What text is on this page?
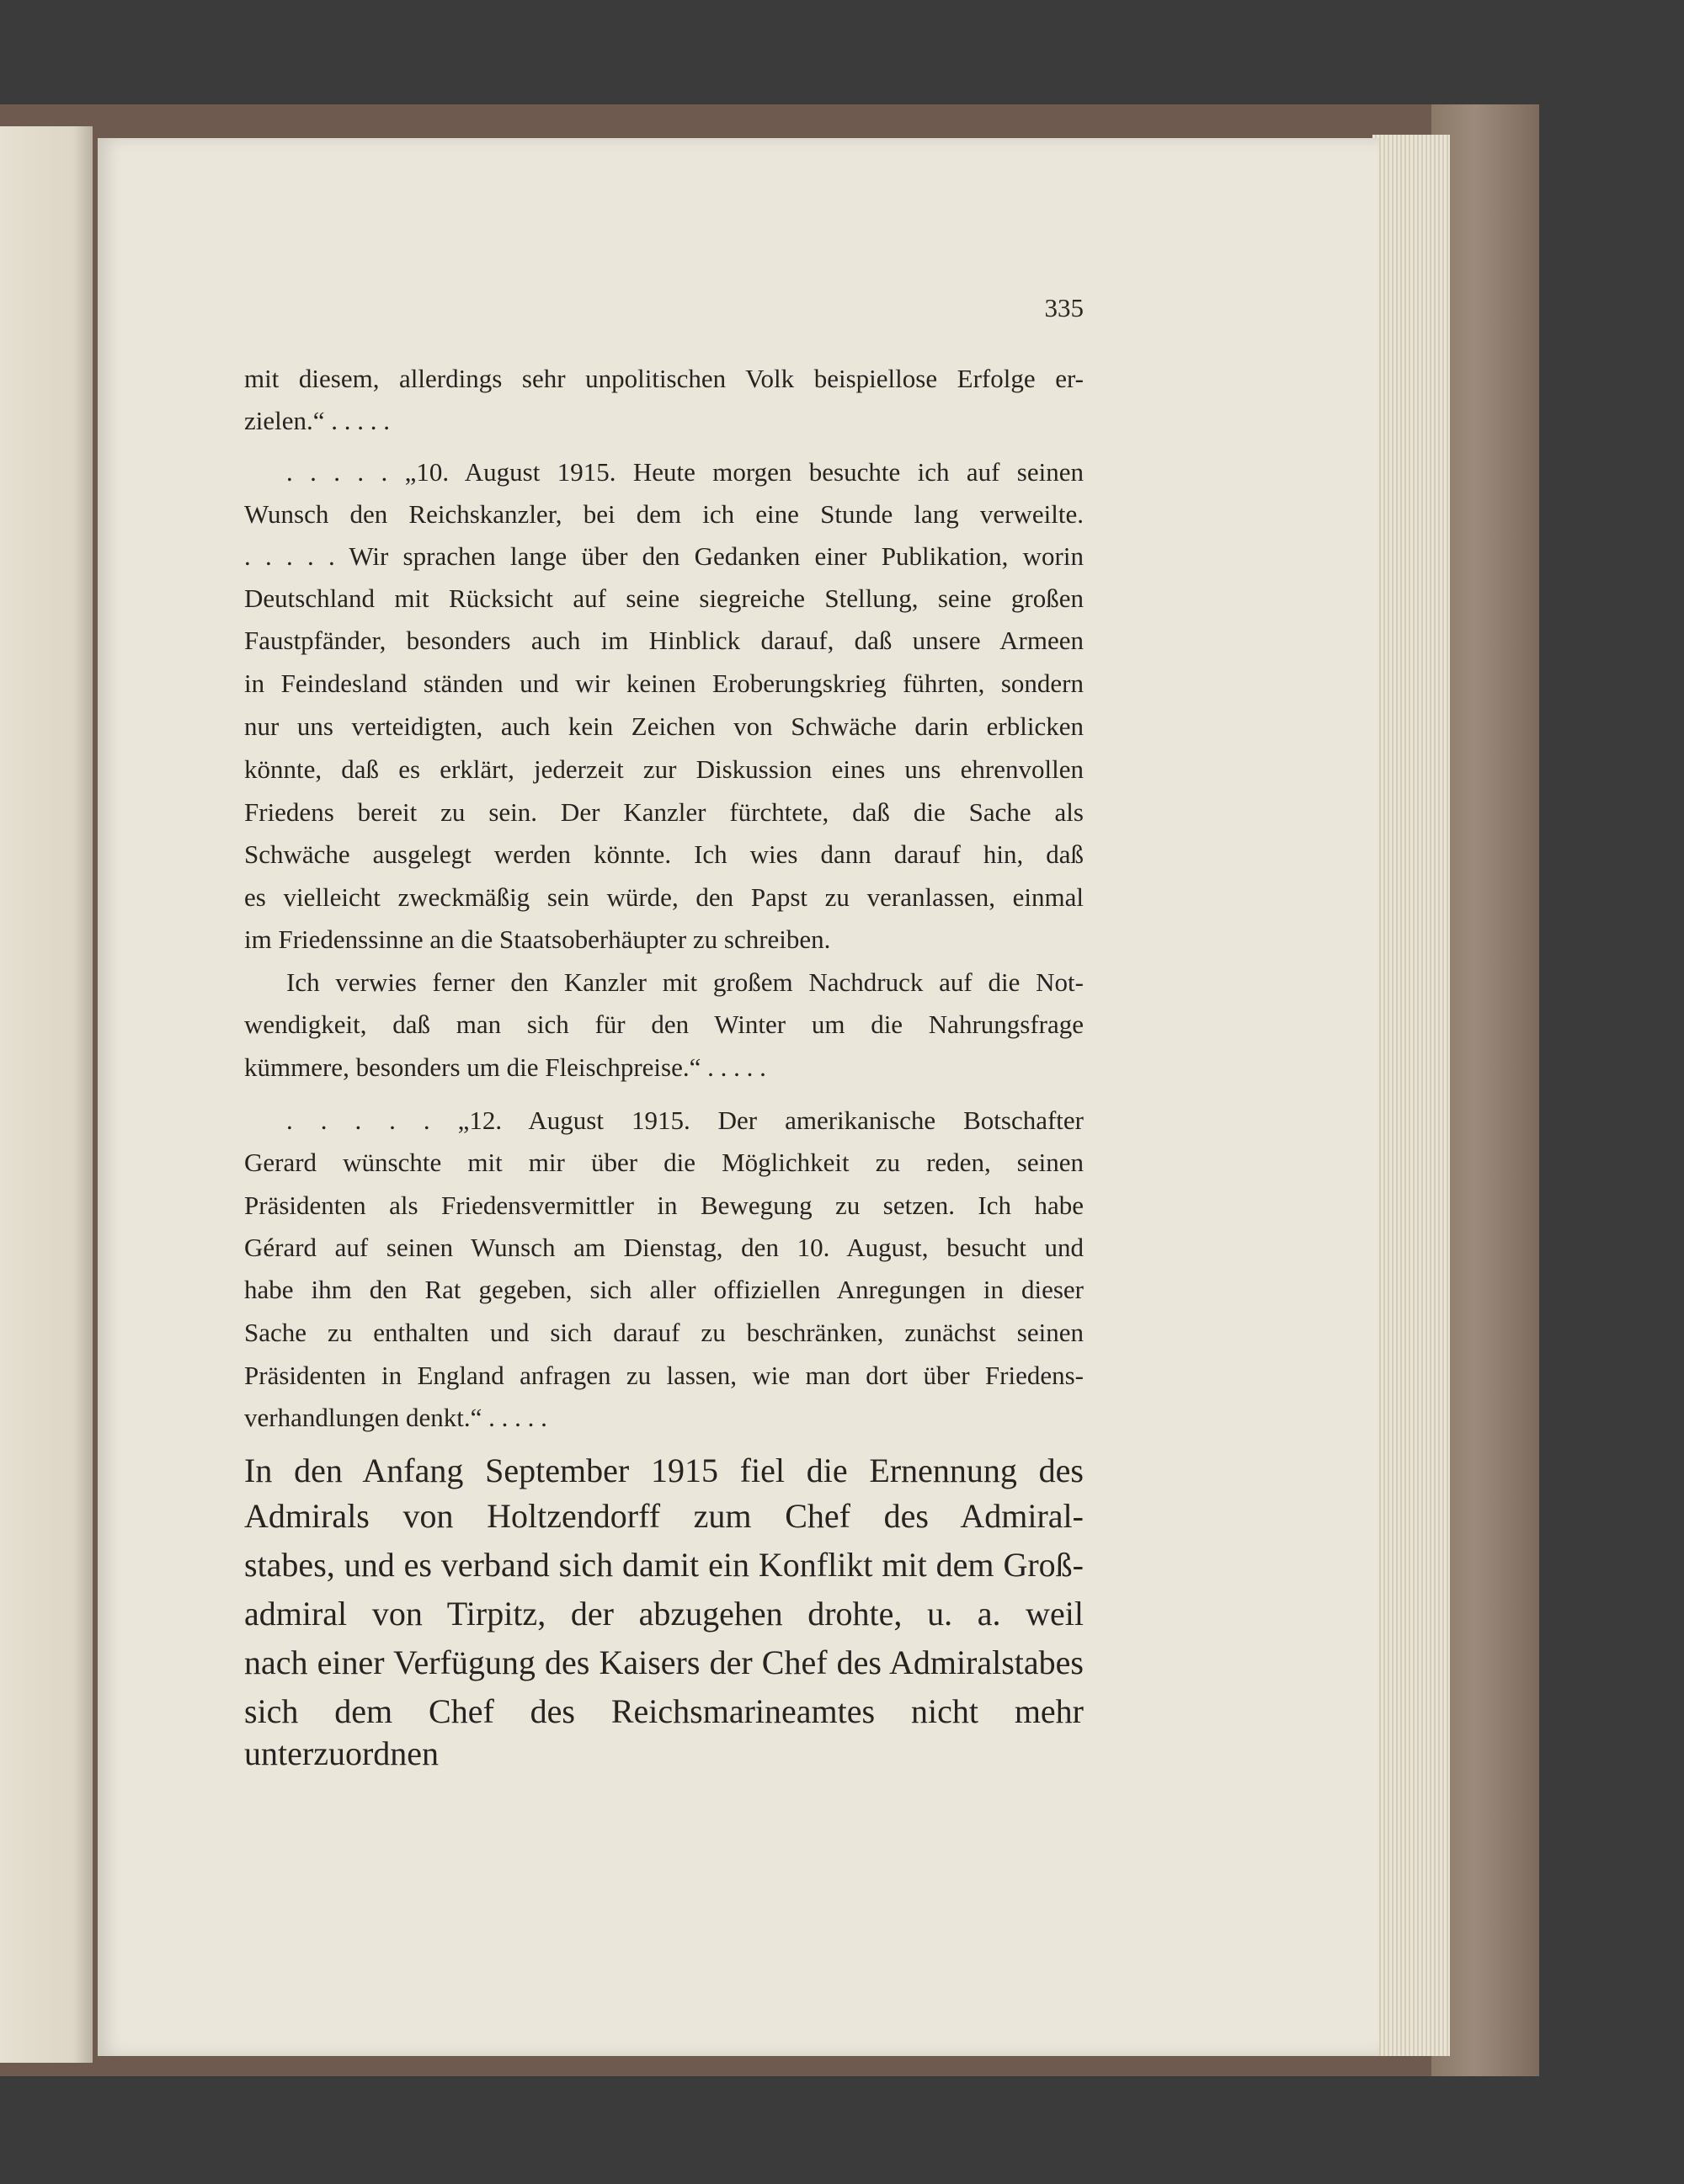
335
mit diesem, allerdings sehr unpolitischen Volk beispiellose Erfolge er-
zielen.“ . . . . .
. . . . . „10. August 1915. Heute morgen besuchte ich auf seinen
Wunsch den Reichskanzler, bei dem ich eine Stunde lang verweilte.
. . . . . Wir sprachen lange über den Gedanken einer Publikation, worin
Deutschland mit Rücksicht auf seine siegreiche Stellung, seine großen
Faustpfänder, besonders auch im Hinblick darauf, daß unsere Armeen
in Feindesland ständen und wir keinen Eroberungskrieg führten, sondern
nur uns verteidigten, auch kein Zeichen von Schwäche darin erblicken
könnte, daß es erklärt, jederzeit zur Diskussion eines uns ehrenvollen
Friedens bereit zu sein. Der Kanzler fürchtete, daß die Sache als
Schwäche ausgelegt werden könnte. Ich wies dann darauf hin, daß
es vielleicht zweckmäßig sein würde, den Papst zu veranlassen, einmal
im Friedenssinne an die Staatsoberhäupter zu schreiben.
Ich verwies ferner den Kanzler mit großem Nachdruck auf die Not-
wendigkeit, daß man sich für den Winter um die Nahrungsfrage
kümmere, besonders um die Fleischpreise.“ . . . . .
. . . . . „12. August 1915. Der amerikanische Botschafter
Gerard wünschte mit mir über die Möglichkeit zu reden, seinen
Präsidenten als Friedensvermittler in Bewegung zu setzen. Ich habe
Gérard auf seinen Wunsch am Dienstag, den 10. August, besucht und
habe ihm den Rat gegeben, sich aller offiziellen Anregungen in dieser
Sache zu enthalten und sich darauf zu beschränken, zunächst seinen
Präsidenten in England anfragen zu lassen, wie man dort über Friedens-
verhandlungen denkt.“ . . . . .
In den Anfang September 1915 fiel die Ernennung des
Admirals von Holtzendorff zum Chef des Admiral-
stabes, und es verband sich damit ein Konflikt mit dem Groß-
admiral von Tirpitz, der abzugehen drohte, u. a. weil
nach einer Verfügung des Kaisers der Chef des Admiralstabes
sich dem Chef des Reichsmarineamtes nicht mehr unterzuordnen
